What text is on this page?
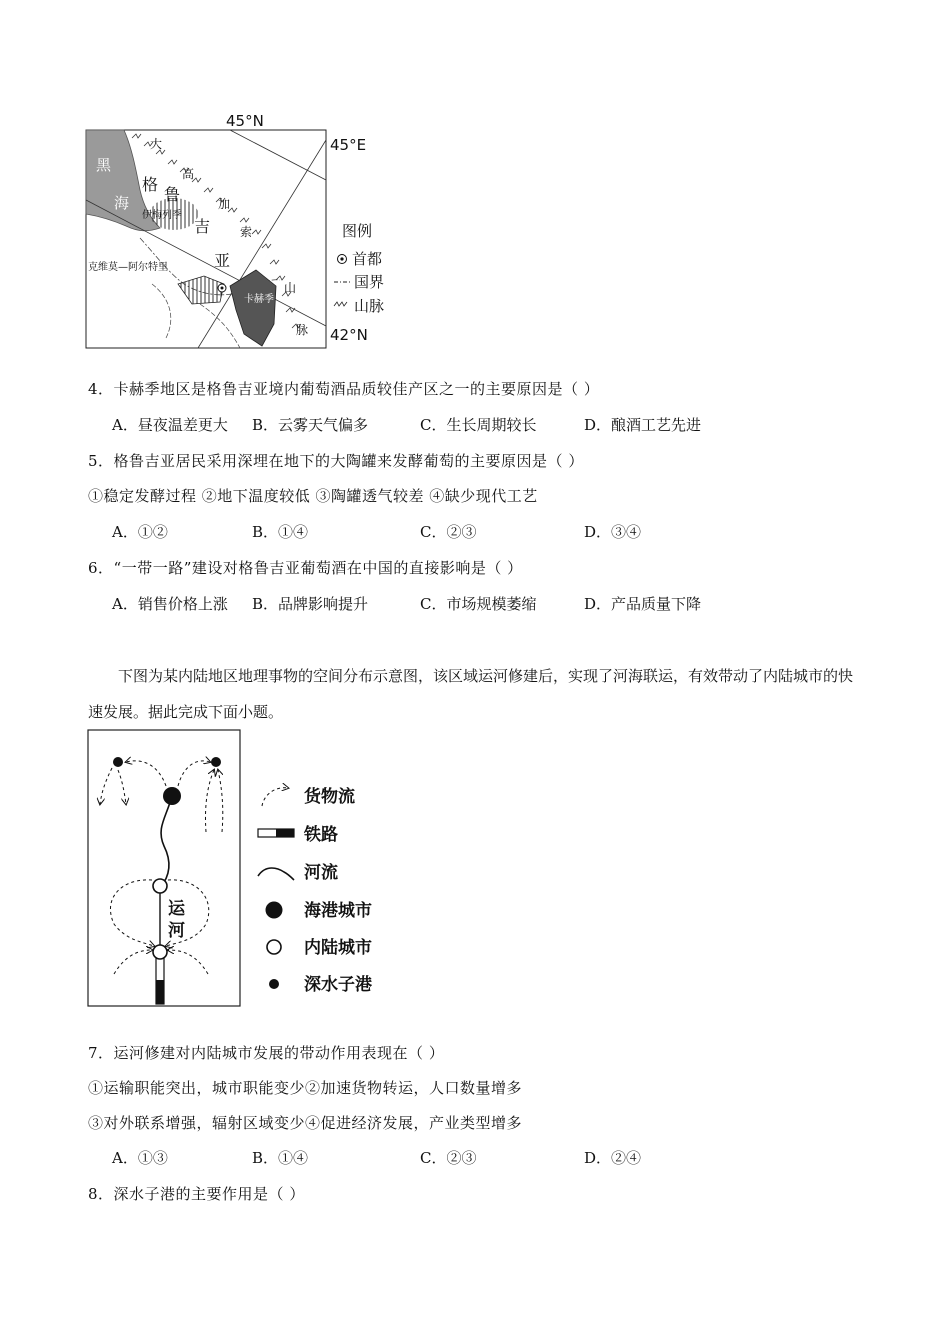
45°N
45°E
42°N
黑
海
格
鲁
吉
亚
大
高
加
索
山
脉
伊梅列季
克维莫—阿尔特里
卡赫季
图例
首都
国界
山脉
4．卡赫季地区是格鲁吉亚境内葡萄酒品质较佳产区之一的主要原因是（ ）
A．昼夜温差更大 B．云雾天气偏多	C．生长周期较长	D．酿酒工艺先进
5．格鲁吉亚居民采用深埋在地下的大陶罐来发酵葡萄的主要原因是（ ）
①稳定发酵过程 ②地下温度较低 ③陶罐透气较差 ④缺少现代工艺
A．①②	B．①④	C．②③	D．③④
6．“一带一路”建设对格鲁吉亚葡萄酒在中国的直接影响是（ ）
A．销售价格上涨 B．品牌影响提升	C．市场规模萎缩	D．产品质量下降
下图为某内陆地区地理事物的空间分布示意图，该区域运河修建后，实现了河海联运，有效带动了内陆城市的快速发展。据此完成下面小题。
运
河
货物流
铁路
河流
海港城市
内陆城市
深水子港
7．运河修建对内陆城市发展的带动作用表现在（ ）
①运输职能突出，城市职能变少②加速货物转运，人口数量增多
③对外联系增强，辐射区域变少④促进经济发展，产业类型增多
A．①③	B．①④	C．②③	D．②④
8．深水子港的主要作用是（ ）
